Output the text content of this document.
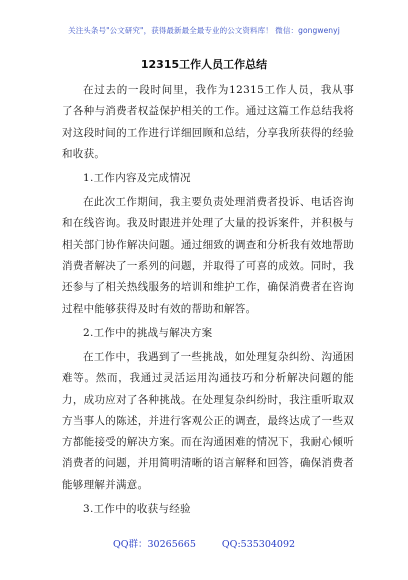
关注头条号"公文研究"，获得最新最全最专业的公文资料库！ 微信：gongwenyj
12315工作人员工作总结

在过去的一段时间里，我作为12315工作人员，我从事了各种与消费者权益保护相关的工作。通过这篇工作总结我将对这段时间的工作进行详细回顾和总结，分享我所获得的经验和收获。

1.工作内容及完成情况

在此次工作期间，我主要负责处理消费者投诉、电话咨询和在线咨询。我及时跟进并处理了大量的投诉案件，并积极与相关部门协作解决问题。通过细致的调查和分析我有效地帮助消费者解决了一系列的问题，并取得了可喜的成效。同时，我还参与了相关热线服务的培训和维护工作，确保消费者在咨询过程中能够获得及时有效的帮助和解答。

2.工作中的挑战与解决方案

在工作中，我遇到了一些挑战，如处理复杂纠纷、沟通困难等。然而，我通过灵活运用沟通技巧和分析解决问题的能力，成功应对了各种挑战。在处理复杂纠纷时，我注重听取双方当事人的陈述，并进行客观公正的调查，最终达成了一些双方都能接受的解决方案。而在沟通困难的情况下，我耐心倾听消费者的问题，并用简明清晰的语言解释和回答，确保消费者能够理解并满意。

3.工作中的收获与经验

QQ群：30265665	QQ:535304092
